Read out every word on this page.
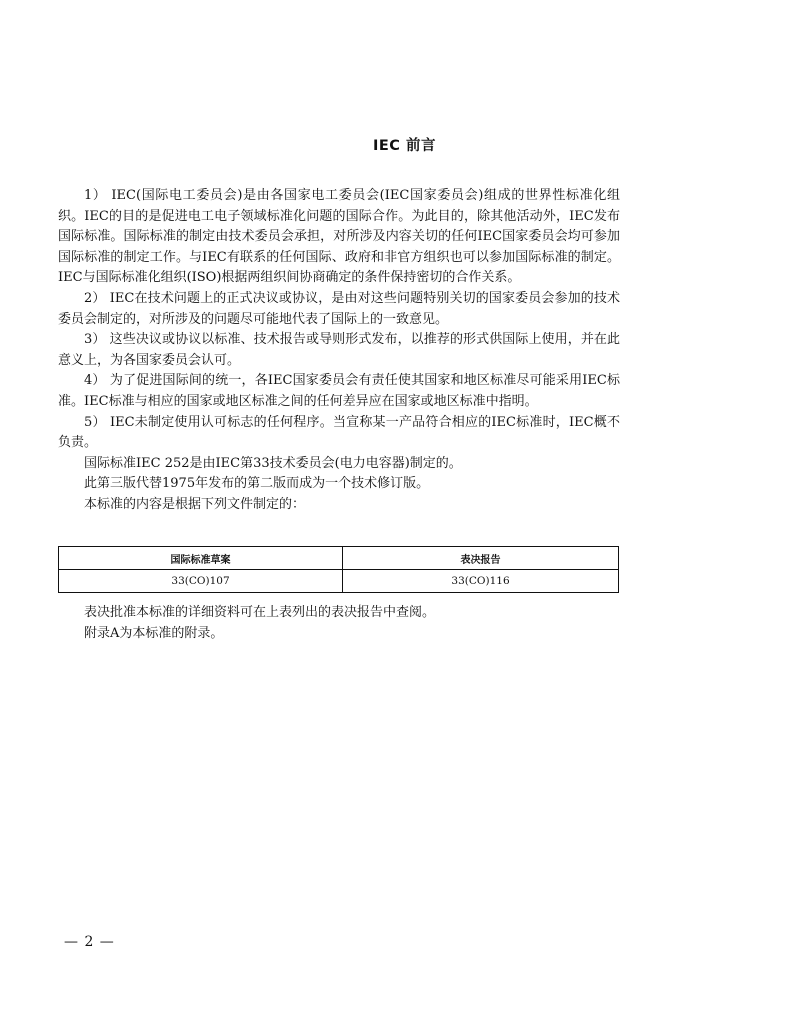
IEC 前言

1） IEC(国际电工委员会)是由各国家电工委员会(IEC国家委员会)组成的世界性标准化组织。IEC的目的是促进电工电子领域标准化问题的国际合作。为此目的，除其他活动外，IEC发布国际标准。国际标准的制定由技术委员会承担，对所涉及内容关切的任何IEC国家委员会均可参加国际标准的制定工作。与IEC有联系的任何国际、政府和非官方组织也可以参加国际标准的制定。IEC与国际标准化组织(ISO)根据两组织间协商确定的条件保持密切的合作关系。

2） IEC在技术问题上的正式决议或协议，是由对这些问题特别关切的国家委员会参加的技术委员会制定的，对所涉及的问题尽可能地代表了国际上的一致意见。

3） 这些决议或协议以标准、技术报告或导则形式发布，以推荐的形式供国际上使用，并在此意义上，为各国家委员会认可。

4） 为了促进国际间的统一，各IEC国家委员会有责任使其国家和地区标准尽可能采用IEC标准。IEC标准与相应的国家或地区标准之间的任何差异应在国家或地区标准中指明。

5） IEC未制定使用认可标志的任何程序。当宣称某一产品符合相应的IEC标准时，IEC概不负责。

国际标准IEC 252是由IEC第33技术委员会(电力电容器)制定的。

此第三版代替1975年发布的第二版而成为一个技术修订版。

本标准的内容是根据下列文件制定的：

国际标准草案	表决报告
33(CO)107	33(CO)116

表决批准本标准的详细资料可在上表列出的表决报告中查阅。

附录A为本标准的附录。

— 2 —
